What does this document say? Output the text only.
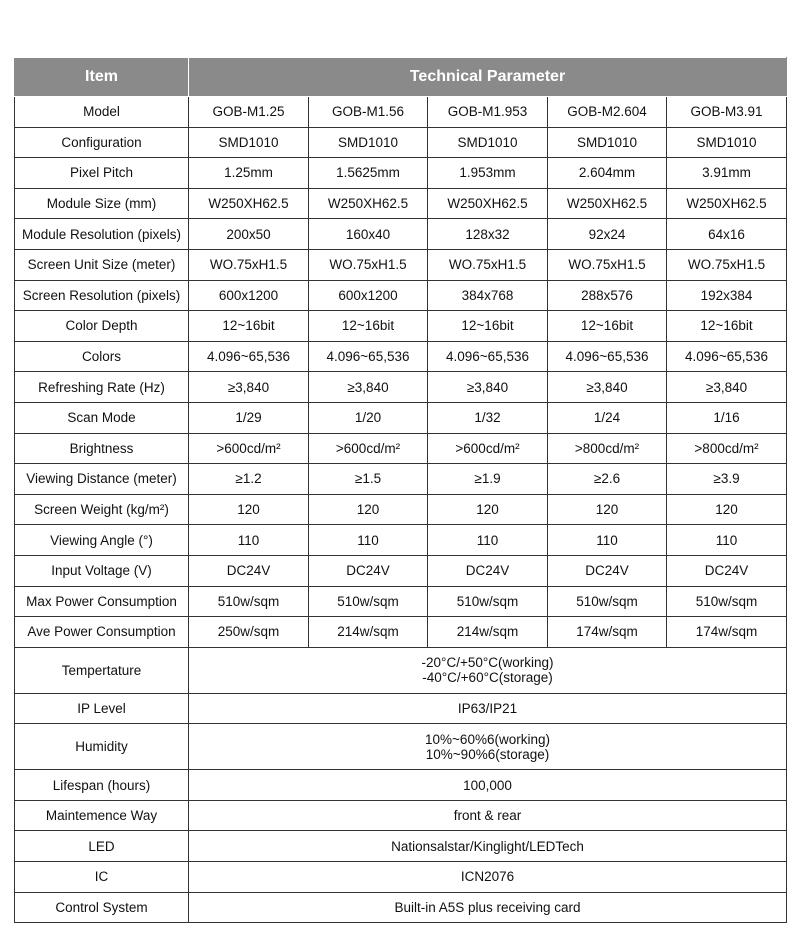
Item	Technical Parameter				
Model	GOB-M1.25	GOB-M1.56	GOB-M1.953	GOB-M2.604	GOB-M3.91
Configuration	SMD1010	SMD1010	SMD1010	SMD1010	SMD1010
Pixel Pitch	1.25mm	1.5625mm	1.953mm	2.604mm	3.91mm
Module Size (mm)	W250XH62.5	W250XH62.5	W250XH62.5	W250XH62.5	W250XH62.5
Module Resolution (pixels)	200x50	160x40	128x32	92x24	64x16
Screen Unit Size (meter)	WO.75xH1.5	WO.75xH1.5	WO.75xH1.5	WO.75xH1.5	WO.75xH1.5
Screen Resolution (pixels)	600x1200	600x1200	384x768	288x576	192x384
Color Depth	12~16bit	12~16bit	12~16bit	12~16bit	12~16bit
Colors	4.096~65,536	4.096~65,536	4.096~65,536	4.096~65,536	4.096~65,536
Refreshing Rate (Hz)	≥3,840	≥3,840	≥3,840	≥3,840	≥3,840
Scan Mode	1/29	1/20	1/32	1/24	1/16
Brightness	>600cd/m²	>600cd/m²	>600cd/m²	>800cd/m²	>800cd/m²
Viewing Distance (meter)	≥1.2	≥1.5	≥1.9	≥2.6	≥3.9
Screen Weight (kg/m²)	120	120	120	120	120
Viewing Angle (°)	110	110	110	110	110
Input Voltage (V)	DC24V	DC24V	DC24V	DC24V	DC24V
Max Power Consumption	510w/sqm	510w/sqm	510w/sqm	510w/sqm	510w/sqm
Ave Power Consumption	250w/sqm	214w/sqm	214w/sqm	174w/sqm	174w/sqm
Tempertature	-20°C/+50°C(working)
-40°C/+60°C(storage)				

IP Level	IP63/IP21				

Humidity	10%~60%6(working)
10%~90%6(storage)				

Lifespan (hours)	100,000				

Maintemence Way	front & rear				

LED	Nationsalstar/Kinglight/LEDTech				

IC	ICN2076				

Control System	Built-in A5S plus receiving card				
